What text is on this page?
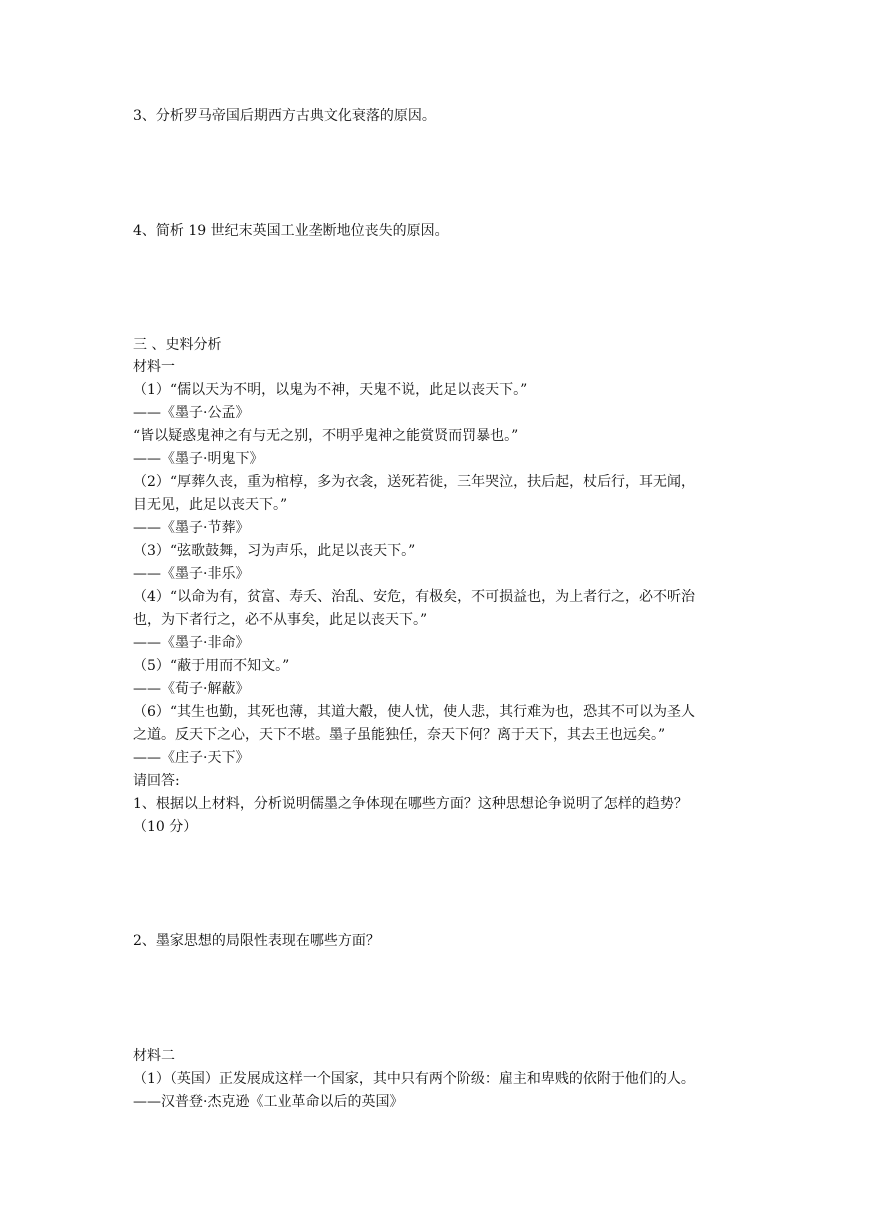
3、分析罗马帝国后期西方古典文化衰落的原因。
4、简析 19 世纪末英国工业垄断地位丧失的原因。
三 、史料分析
材料一
（1）“儒以天为不明，以鬼为不神，天鬼不说，此足以丧天下。”
——《墨子·公孟》
“皆以疑惑鬼神之有与无之别，不明乎鬼神之能赏贤而罚暴也。”
——《墨子·明鬼下》
（2）“厚葬久丧，重为棺椁，多为衣衾，送死若徙，三年哭泣，扶后起，杖后行，耳无闻，
目无见，此足以丧天下。”
——《墨子·节葬》
（3）“弦歌鼓舞，习为声乐，此足以丧天下。”
——《墨子·非乐》
（4）“以命为有，贫富、寿夭、治乱、安危，有极矣，不可损益也，为上者行之，必不听治
也，为下者行之，必不从事矣，此足以丧天下。”
——《墨子·非命》
（5）“蔽于用而不知文。”
——《荀子·解蔽》
（6）“其生也勤，其死也薄，其道大觳，使人忧，使人悲，其行难为也，恐其不可以为圣人
之道。反天下之心，天下不堪。墨子虽能独任，奈天下何？离于天下，其去王也远矣。”
——《庄子·天下》
请回答:
1、根据以上材料，分析说明儒墨之争体现在哪些方面？这种思想论争说明了怎样的趋势？
（10 分）
2、墨家思想的局限性表现在哪些方面？
材料二
（1）（英国）正发展成这样一个国家，其中只有两个阶级：雇主和卑贱的依附于他们的人。
——汉普登·杰克逊《工业革命以后的英国》
